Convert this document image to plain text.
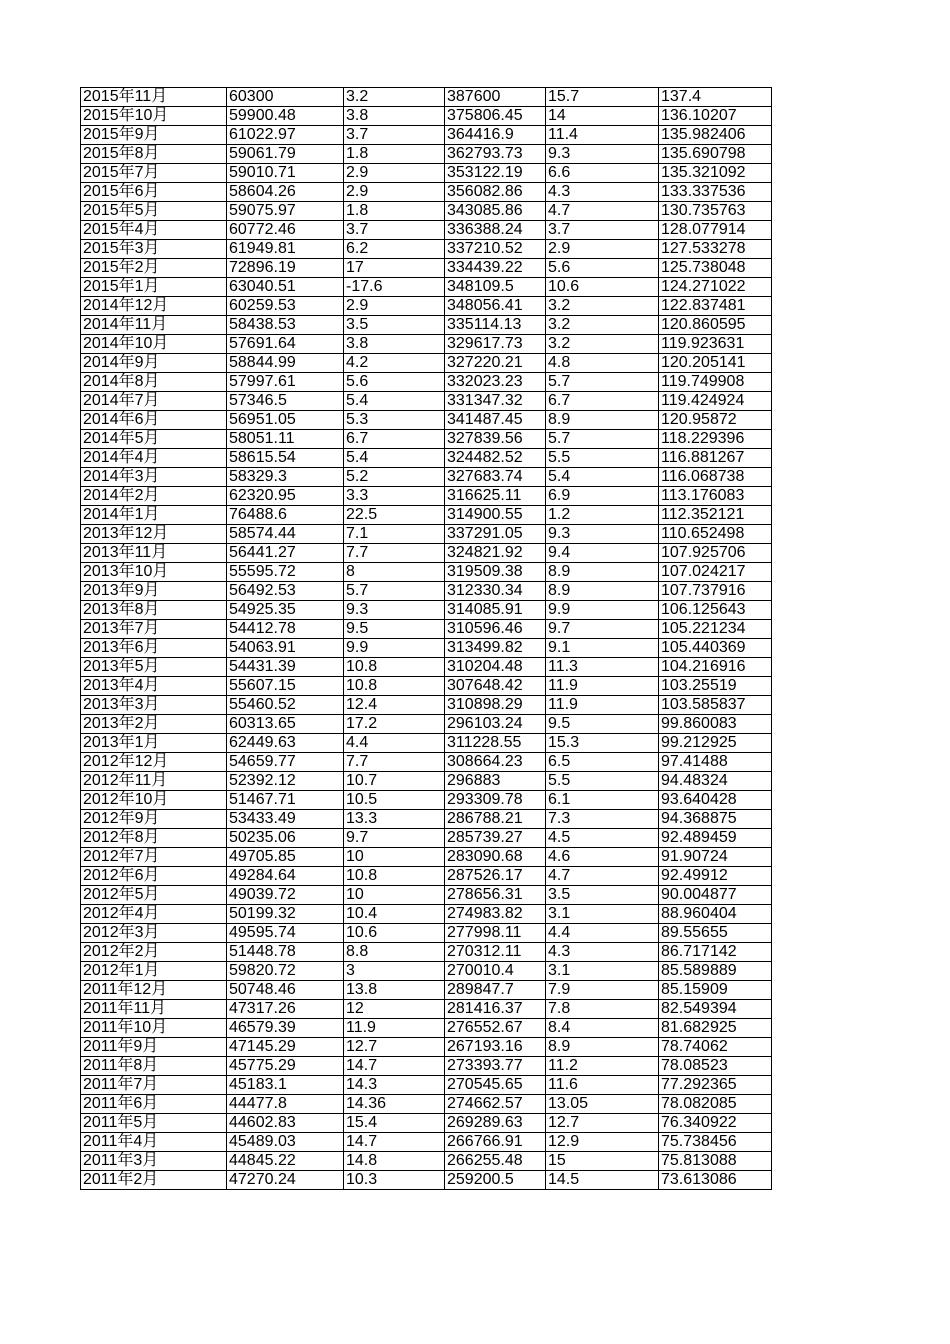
2015年11月	60300	3.2	387600	15.7	137.4
2015年10月	59900.48	3.8	375806.45	14	136.10207
2015年9月	61022.97	3.7	364416.9	11.4	135.982406
2015年8月	59061.79	1.8	362793.73	9.3	135.690798
2015年7月	59010.71	2.9	353122.19	6.6	135.321092
2015年6月	58604.26	2.9	356082.86	4.3	133.337536
2015年5月	59075.97	1.8	343085.86	4.7	130.735763
2015年4月	60772.46	3.7	336388.24	3.7	128.077914
2015年3月	61949.81	6.2	337210.52	2.9	127.533278
2015年2月	72896.19	17	334439.22	5.6	125.738048
2015年1月	63040.51	-17.6	348109.5	10.6	124.271022
2014年12月	60259.53	2.9	348056.41	3.2	122.837481
2014年11月	58438.53	3.5	335114.13	3.2	120.860595
2014年10月	57691.64	3.8	329617.73	3.2	119.923631
2014年9月	58844.99	4.2	327220.21	4.8	120.205141
2014年8月	57997.61	5.6	332023.23	5.7	119.749908
2014年7月	57346.5	5.4	331347.32	6.7	119.424924
2014年6月	56951.05	5.3	341487.45	8.9	120.95872
2014年5月	58051.11	6.7	327839.56	5.7	118.229396
2014年4月	58615.54	5.4	324482.52	5.5	116.881267
2014年3月	58329.3	5.2	327683.74	5.4	116.068738
2014年2月	62320.95	3.3	316625.11	6.9	113.176083
2014年1月	76488.6	22.5	314900.55	1.2	112.352121
2013年12月	58574.44	7.1	337291.05	9.3	110.652498
2013年11月	56441.27	7.7	324821.92	9.4	107.925706
2013年10月	55595.72	8	319509.38	8.9	107.024217
2013年9月	56492.53	5.7	312330.34	8.9	107.737916
2013年8月	54925.35	9.3	314085.91	9.9	106.125643
2013年7月	54412.78	9.5	310596.46	9.7	105.221234
2013年6月	54063.91	9.9	313499.82	9.1	105.440369
2013年5月	54431.39	10.8	310204.48	11.3	104.216916
2013年4月	55607.15	10.8	307648.42	11.9	103.25519
2013年3月	55460.52	12.4	310898.29	11.9	103.585837
2013年2月	60313.65	17.2	296103.24	9.5	99.860083
2013年1月	62449.63	4.4	311228.55	15.3	99.212925
2012年12月	54659.77	7.7	308664.23	6.5	97.41488
2012年11月	52392.12	10.7	296883	5.5	94.48324
2012年10月	51467.71	10.5	293309.78	6.1	93.640428
2012年9月	53433.49	13.3	286788.21	7.3	94.368875
2012年8月	50235.06	9.7	285739.27	4.5	92.489459
2012年7月	49705.85	10	283090.68	4.6	91.90724
2012年6月	49284.64	10.8	287526.17	4.7	92.49912
2012年5月	49039.72	10	278656.31	3.5	90.004877
2012年4月	50199.32	10.4	274983.82	3.1	88.960404
2012年3月	49595.74	10.6	277998.11	4.4	89.55655
2012年2月	51448.78	8.8	270312.11	4.3	86.717142
2012年1月	59820.72	3	270010.4	3.1	85.589889
2011年12月	50748.46	13.8	289847.7	7.9	85.15909
2011年11月	47317.26	12	281416.37	7.8	82.549394
2011年10月	46579.39	11.9	276552.67	8.4	81.682925
2011年9月	47145.29	12.7	267193.16	8.9	78.74062
2011年8月	45775.29	14.7	273393.77	11.2	78.08523
2011年7月	45183.1	14.3	270545.65	11.6	77.292365
2011年6月	44477.8	14.36	274662.57	13.05	78.082085
2011年5月	44602.83	15.4	269289.63	12.7	76.340922
2011年4月	45489.03	14.7	266766.91	12.9	75.738456
2011年3月	44845.22	14.8	266255.48	15	75.813088
2011年2月	47270.24	10.3	259200.5	14.5	73.613086
